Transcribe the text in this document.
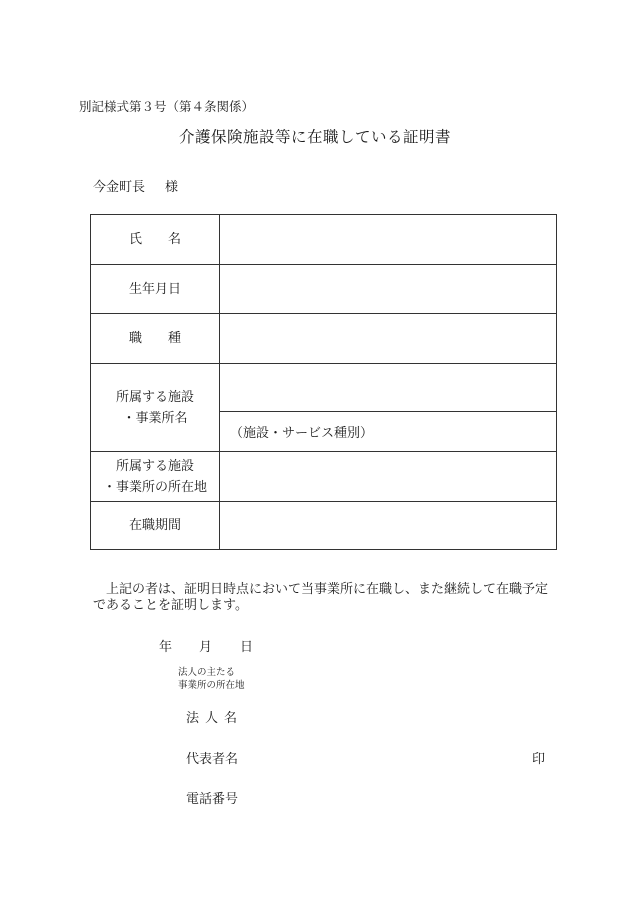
別記様式第３号（第４条関係）
介護保険施設等に在職している証明書
今金町長 様
氏　　名	
生年月日	
職　　種	

所属する施設
・事業所名	

	（施設・サービス種別）

所属する施設
・事業所の所在地	

在職期間	
上記の者は、証明日時点において当事業所に在職し、また継続して在職予定であることを証明します。
年 月 日
法人の主たる
事業所の所在地
法人名
代表者名	印
電話番号
